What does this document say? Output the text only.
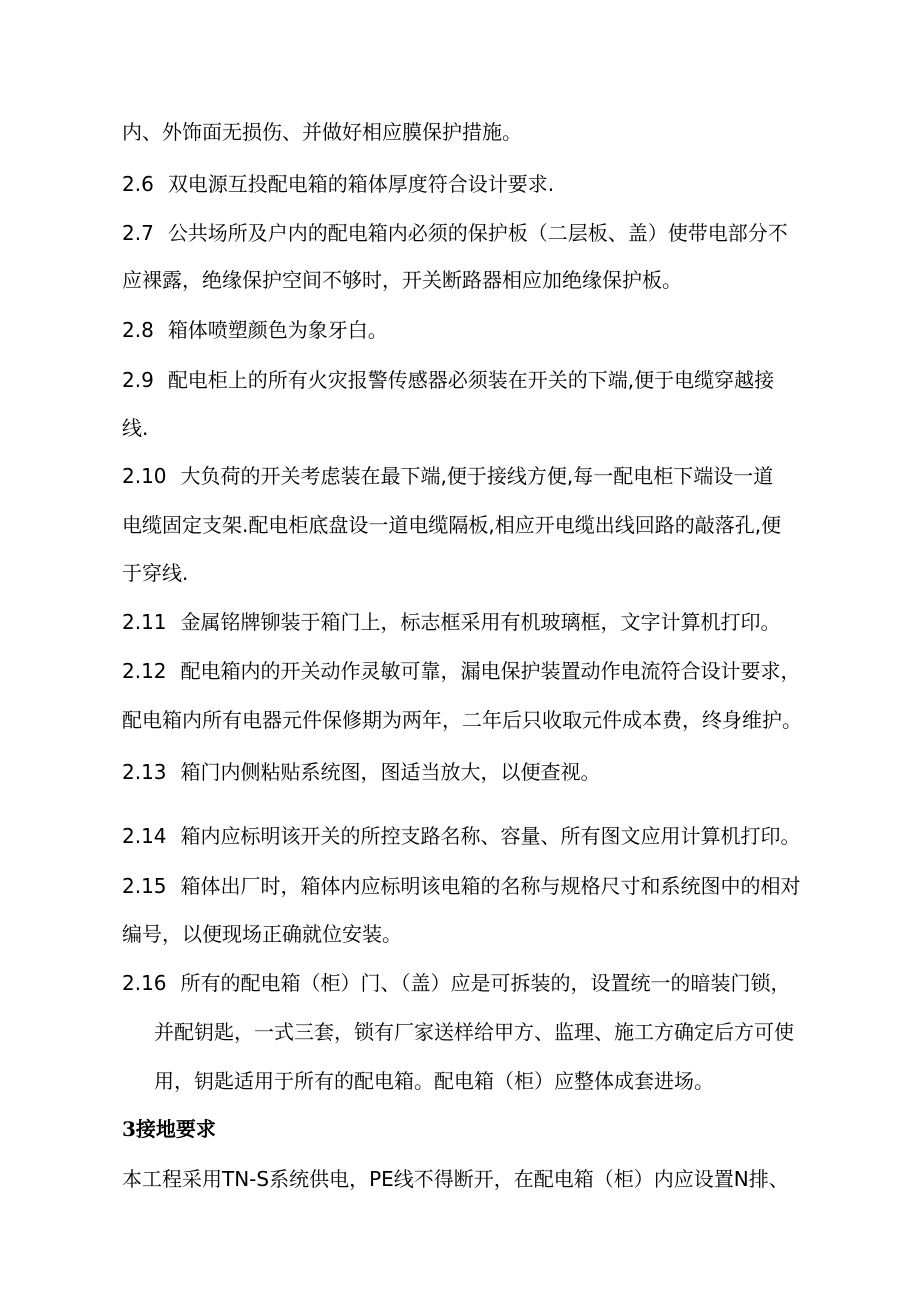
内、外饰面无损伤、并做好相应膜保护措施。
2.6 双电源互投配电箱的箱体厚度符合设计要求.
2.7 公共场所及户内的配电箱内必须的保护板（二层板、盖）使带电部分不
应裸露，绝缘保护空间不够时，开关断路器相应加绝缘保护板。
2.8 箱体喷塑颜色为象牙白。
2.9 配电柜上的所有火灾报警传感器必须装在开关的下端,便于电缆穿越接
线.
2.10 大负荷的开关考虑装在最下端,便于接线方便,每一配电柜下端设一道
电缆固定支架.配电柜底盘设一道电缆隔板,相应开电缆出线回路的敲落孔,便
于穿线.
2.11 金属铭牌铆装于箱门上，标志框采用有机玻璃框，文字计算机打印。
2.12 配电箱内的开关动作灵敏可靠，漏电保护装置动作电流符合设计要求，
配电箱内所有电器元件保修期为两年，二年后只收取元件成本费，终身维护。
2.13 箱门内侧粘贴系统图，图适当放大，以便查视。
2.14 箱内应标明该开关的所控支路名称、容量、所有图文应用计算机打印。
2.15 箱体出厂时，箱体内应标明该电箱的名称与规格尺寸和系统图中的相对
编号，以便现场正确就位安装。
2.16 所有的配电箱（柜）门、（盖）应是可拆装的，设置统一的暗装门锁，
并配钥匙，一式三套，锁有厂家送样给甲方、监理、施工方确定后方可使
用，钥匙适用于所有的配电箱。配电箱（柜）应整体成套进场。
3接地要求
本工程采用TN-S系统供电，PE线不得断开，在配电箱（柜）内应设置N排、
